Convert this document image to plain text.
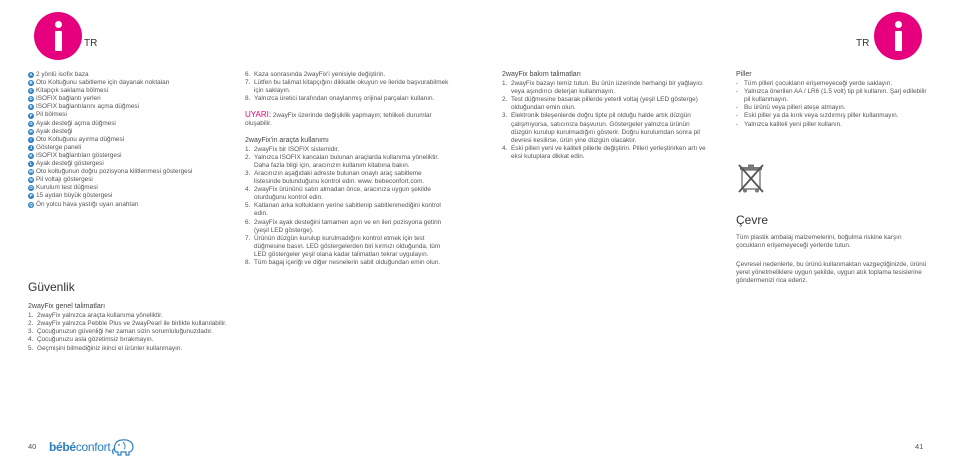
TR	TR
A 2 yönlü isofix baza
B Oto Koltuğunu sabitleme için dayanak noktaları
C Kitapçık saklama bölmesi
D ISOFIX bağlantı yerleri
E ISOFIX bağlantılarını açma düğmesi
F Pil bölmesi
G Ayak desteği açma düğmesi
H Ayak desteği
I Oto Koltuğunu ayırma düğmesi
J Gösterge paneli
K ISOFIX bağlantıları göstergesi
L Ayak desteği göstergesi
M Oto koltuğunun doğru pozisyona kilitlenmesi göstergesi
N Pil voltajı göstergesi
O Kurulum test düğmesi
P 15 aydan büyük göstergesi
Q Ön yolcu hava yastığı uyarı anahtarı
Güvenlik
2wayFix genel talimatları
1. 2wayFix yalnızca araçta kullanıma yöneliktir.
2. 2wayFix yalnızca Pebble Plus ve 2wayPearl ile birlikte kullanılabilir.
3. Çocuğunuzun güvenliği her zaman sizin sorumluluğunuzdadır.
4. Çocuğunuzu asla gözetimsiz bırakmayın.
5. Geçmişini bilmediğiniz ikinci el ürünler kullanmayın.
6. Kaza sonrasında 2wayFix'i yenisiyle değiştirin.
7. Lütfen bu talimat kitapçığını dikkatle okuyun ve ileride başvurabilmek için saklayın.
8. Yalnızca üretici tarafından onaylanmış orijinal parçaları kullanın.
UYARI: 2wayFix üzerinde değişiklik yapmayın; tehlikeli durumlar oluşabilir.
2wayFix'in araçta kullanımı
1. 2wayFix bir ISOFIX sistemidir.
2. Yalnızca ISOFIX kancaları bulunan araçlarda kullanıma yöneliktir. Daha fazla bilgi için, aracınızın kullanım kitabına bakın.
3. Aracınızın aşağıdaki adreste bulunan onaylı araç sabitleme listesinde bulunduğunu kontrol edin: www. bebeconfort.com.
4. 2wayFix ürününü satın almadan önce, aracınıza uygun şekilde oturduğunu kontrol edin.
5. Katlanan arka koltukların yerine sabitlenip sabitlenmediğini kontrol edin.
6. 2wayFix ayak desteğini tamamen açın ve en ileri pozisyona getirin (yeşil LED gösterge).
7. Ürünün düzgün kurulup kurulmadığını kontrol etmek için test düğmesine basın. LED göstergelerden biri kırmızı olduğunda, tüm LED göstergeler yeşil olana kadar talimatları tekrar uygulayın.
8. Tüm bagaj içeriği ve diğer nesnelerin sabit olduğundan emin olun.
2wayFix bakım talimatları
1. 2wayFix bazayı temiz tutun. Bu ürün üzerinde herhangi bir yağlayıcı veya aşındırıcı deterjan kullanmayın.
2. Test düğmesine basarak pillerde yeterli voltaj (yeşil LED gösterge) olduğundan emin olun.
3. Elektronik bileşenlerde doğru tipte pil olduğu halde artık düzgün çalışmıyorsa, satıcınıza başvurun. Göstergeler yalnızca ürünün düzgün kurulup kurulmadığını gösterir. Doğru kurulumdan sonra pil devresi kesilirse, ürün yine düzgün olacaktır.
4. Eski pilleri yeni ve kaliteli pillerle değiştirin. Pilleri yerleştirirken artı ve eksi kutuplara dikkat edin.
Piller
- Tüm pilleri çocukların erişemeyeceği yerde saklayın.
- Yalnızca önerilen AA / LR6 (1.5 volt) tip pil kullanın. Şarj edilebilir pil kullanmayın.
- Bu ürünü veya pilleri ateşe atmayın.
- Eski piller ya da kırık veya sızdırmış piller kullanmayın.
- Yalnızca kaliteli yeni piller kullanın.
Çevre
Tüm plastik ambalaj malzemelerini, boğulma riskine karşın çocukların erişemeyeceği yerlerde tutun.
Çevresel nedenlerle, bu ürünü kullanmaktan vazgeçtiğinizde, ürünü yerel yönetmeliklere uygun şekilde, uygun atık toplama tesislerine göndermenizi rica ederiz.
40 bébé confort	41
